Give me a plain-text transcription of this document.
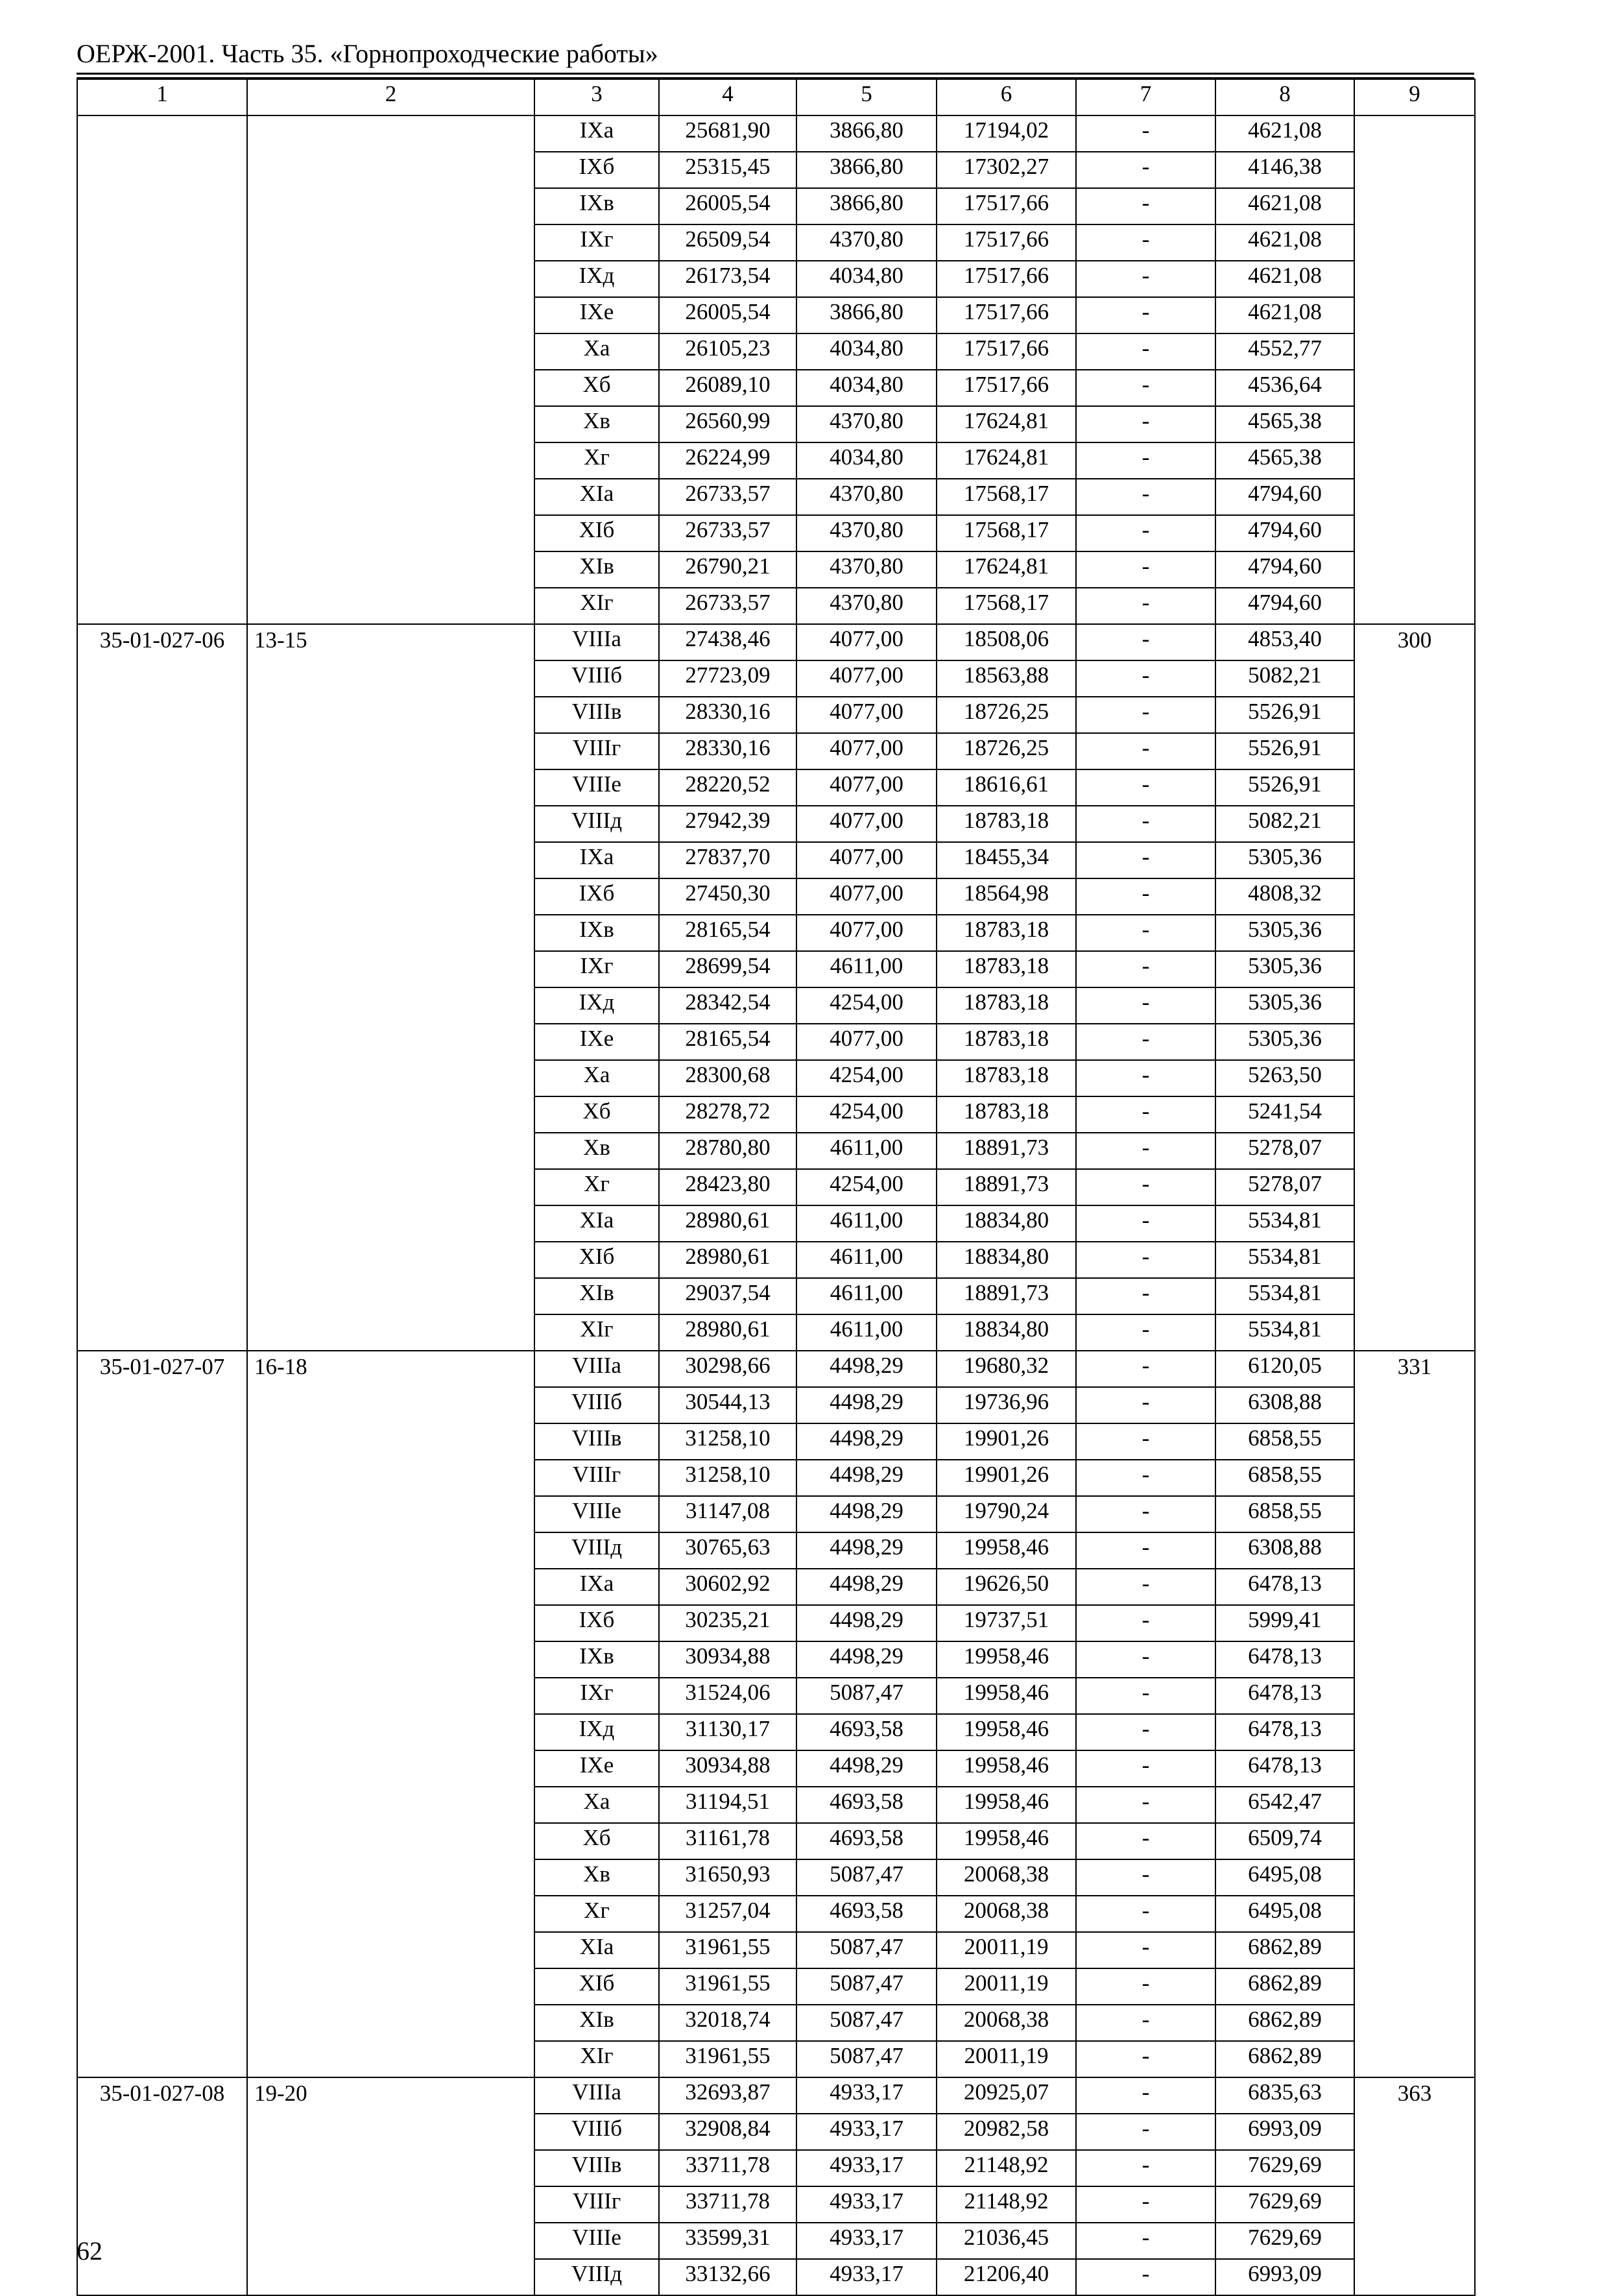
ОЕРЖ-2001. Часть 35. «Горнопроходческие работы»
1	2	3	4	5	6	7	8	9
		IXа	25681,90	3866,80	17194,02	-	4621,08	
		IXб	25315,45	3866,80	17302,27	-	4146,38	
		IXв	26005,54	3866,80	17517,66	-	4621,08	
		IXг	26509,54	4370,80	17517,66	-	4621,08	
		IXд	26173,54	4034,80	17517,66	-	4621,08	
		IXе	26005,54	3866,80	17517,66	-	4621,08	
		Xа	26105,23	4034,80	17517,66	-	4552,77	
		Xб	26089,10	4034,80	17517,66	-	4536,64	
		Xв	26560,99	4370,80	17624,81	-	4565,38	
		Xг	26224,99	4034,80	17624,81	-	4565,38	
		XIа	26733,57	4370,80	17568,17	-	4794,60	
		XIб	26733,57	4370,80	17568,17	-	4794,60	
		XIв	26790,21	4370,80	17624,81	-	4794,60	
		XIг	26733,57	4370,80	17568,17	-	4794,60	
35-01-027-06	13-15	VIIIа	27438,46	4077,00	18508,06	-	4853,40	300
		VIIIб	27723,09	4077,00	18563,88	-	5082,21	
		VIIIв	28330,16	4077,00	18726,25	-	5526,91	
		VIIIг	28330,16	4077,00	18726,25	-	5526,91	
		VIIIе	28220,52	4077,00	18616,61	-	5526,91	
		VIIIд	27942,39	4077,00	18783,18	-	5082,21	
		IXа	27837,70	4077,00	18455,34	-	5305,36	
		IXб	27450,30	4077,00	18564,98	-	4808,32	
		IXв	28165,54	4077,00	18783,18	-	5305,36	
		IXг	28699,54	4611,00	18783,18	-	5305,36	
		IXд	28342,54	4254,00	18783,18	-	5305,36	
		IXе	28165,54	4077,00	18783,18	-	5305,36	
		Xа	28300,68	4254,00	18783,18	-	5263,50	
		Xб	28278,72	4254,00	18783,18	-	5241,54	
		Xв	28780,80	4611,00	18891,73	-	5278,07	
		Xг	28423,80	4254,00	18891,73	-	5278,07	
		XIа	28980,61	4611,00	18834,80	-	5534,81	
		XIб	28980,61	4611,00	18834,80	-	5534,81	
		XIв	29037,54	4611,00	18891,73	-	5534,81	
		XIг	28980,61	4611,00	18834,80	-	5534,81	
35-01-027-07	16-18	VIIIа	30298,66	4498,29	19680,32	-	6120,05	331
		VIIIб	30544,13	4498,29	19736,96	-	6308,88	
		VIIIв	31258,10	4498,29	19901,26	-	6858,55	
		VIIIг	31258,10	4498,29	19901,26	-	6858,55	
		VIIIе	31147,08	4498,29	19790,24	-	6858,55	
		VIIIд	30765,63	4498,29	19958,46	-	6308,88	
		IXа	30602,92	4498,29	19626,50	-	6478,13	
		IXб	30235,21	4498,29	19737,51	-	5999,41	
		IXв	30934,88	4498,29	19958,46	-	6478,13	
		IXг	31524,06	5087,47	19958,46	-	6478,13	
		IXд	31130,17	4693,58	19958,46	-	6478,13	
		IXе	30934,88	4498,29	19958,46	-	6478,13	
		Xа	31194,51	4693,58	19958,46	-	6542,47	
		Xб	31161,78	4693,58	19958,46	-	6509,74	
		Xв	31650,93	5087,47	20068,38	-	6495,08	
		Xг	31257,04	4693,58	20068,38	-	6495,08	
		XIа	31961,55	5087,47	20011,19	-	6862,89	
		XIб	31961,55	5087,47	20011,19	-	6862,89	
		XIв	32018,74	5087,47	20068,38	-	6862,89	
		XIг	31961,55	5087,47	20011,19	-	6862,89	
35-01-027-08	19-20	VIIIа	32693,87	4933,17	20925,07	-	6835,63	363
		VIIIб	32908,84	4933,17	20982,58	-	6993,09	
		VIIIв	33711,78	4933,17	21148,92	-	7629,69	
		VIIIг	33711,78	4933,17	21148,92	-	7629,69	
		VIIIе	33599,31	4933,17	21036,45	-	7629,69	
		VIIIд	33132,66	4933,17	21206,40	-	6993,09	
62
